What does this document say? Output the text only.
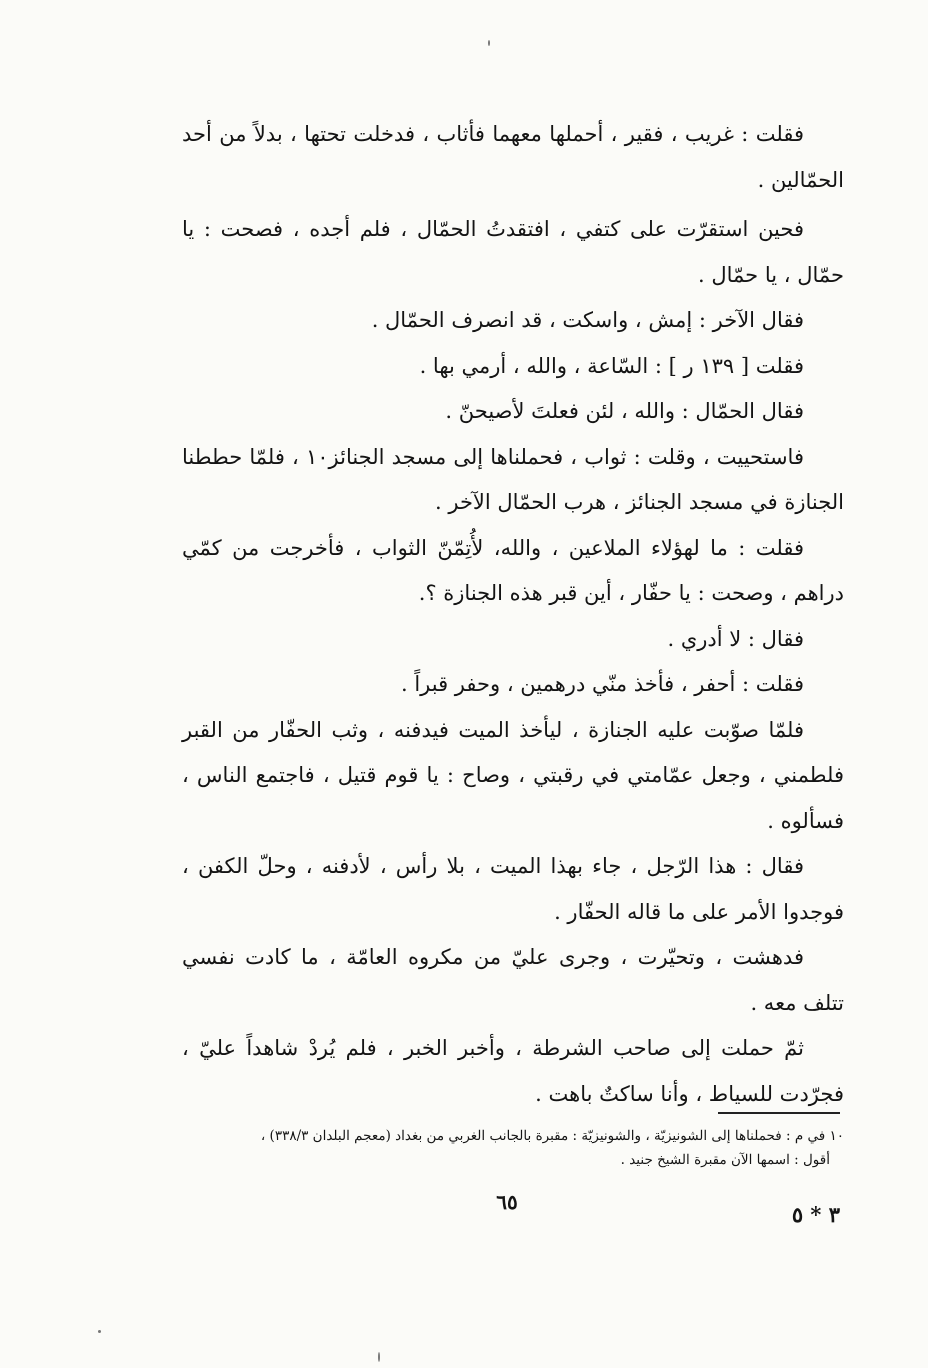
فقلت : غريب ، فقير ، أحملها معهما فأثاب ، فدخلت تحتها ، بدلاً من أحد الحمّالين .

فحين استقرّت على كتفي ، افتقدتُ الحمّال ، فلم أجده ، فصحت : يا حمّال ، يا حمّال .

فقال الآخر : إمش ، واسكت ، قد انصرف الحمّال .

فقلت [ ١٣٩ ر ] : السّاعة ، والله ، أرمي بها .

فقال الحمّال : والله ، لئن فعلتَ لأصيحنّ .

فاستحييت ، وقلت : ثواب ، فحملناها إلى مسجد الجنائز١٠ ، فلمّا حططنا الجنازة في مسجد الجنائز ، هرب الحمّال الآخر .

فقلت : ما لهؤلاء الملاعين ، والله، لأُتِمّنّ الثواب ، فأخرجت من كمّي دراهم ، وصحت : يا حفّار ، أين قبر هذه الجنازة ؟.

فقال : لا أدري .

فقلت : أحفر ، فأخذ منّي درهمين ، وحفر قبراً .

فلمّا صوّبت عليه الجنازة ، ليأخذ الميت فيدفنه ، وثب الحفّار من القبر فلطمني ، وجعل عمّامتي في رقبتي ، وصاح : يا قوم قتيل ، فاجتمع الناس ، فسألوه .

فقال : هذا الرّجل ، جاء بهذا الميت ، بلا رأس ، لأدفنه ، وحلّ الكفن ، فوجدوا الأمر على ما قاله الحفّار .

فدهشت ، وتحيّرت ، وجرى عليّ من مكروه العامّة ، ما كادت نفسي تتلف معه .

ثمّ حملت إلى صاحب الشرطة ، وأخبر الخبر ، فلم يُردْ شاهداً عليّ ، فجرّدت للسياط ، وأنا ساكتٌ باهت .

١٠ في م : فحملناها إلى الشونيزيّة ، والشونيزيّة : مقبرة بالجانب الغربي من بغداد (معجم البلدان ٣٣٨/٣) ،

أقول : اسمها الآن مقبرة الشيخ جنيد .

٦٥	٣ * ٥
